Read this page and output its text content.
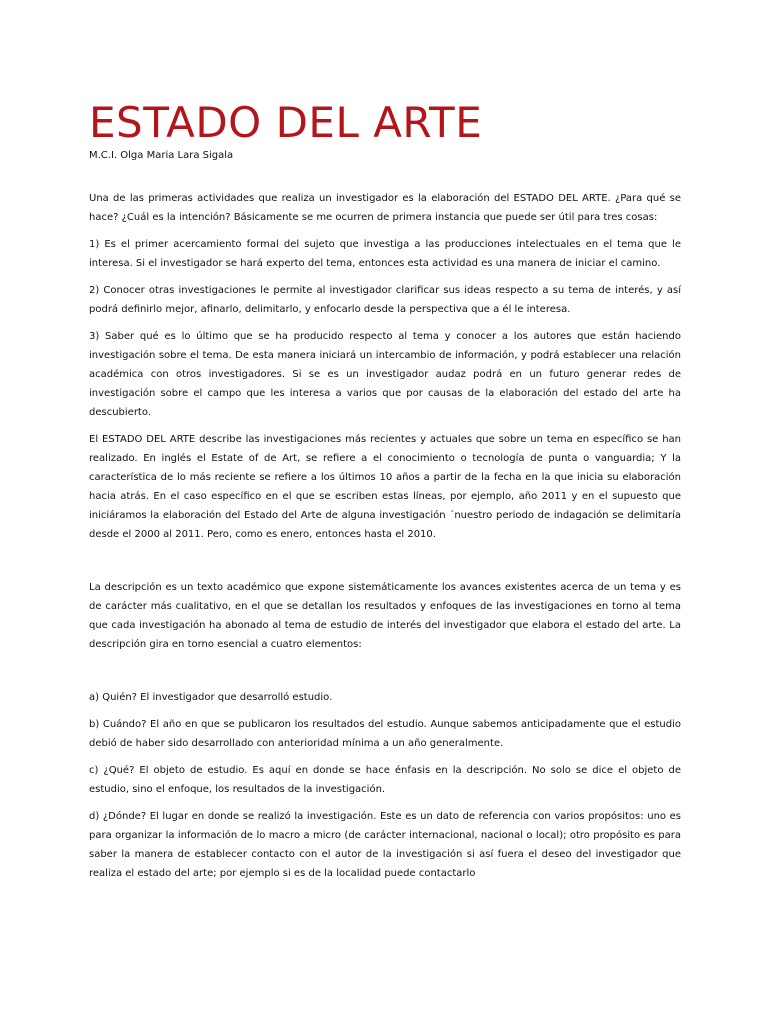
ESTADO DEL ARTE

M.C.I. Olga Maria Lara Sigala

Una de las primeras actividades que realiza un investigador es la elaboración del ESTADO DEL ARTE. ¿Para qué se hace? ¿Cuál es la intención? Básicamente se me ocurren de primera instancia que puede ser útil para tres cosas:

1) Es el primer acercamiento formal del sujeto que investiga a las producciones intelectuales en el tema que le interesa. Si el investigador se hará experto del tema, entonces esta actividad es una manera de iniciar el camino.

2) Conocer otras investigaciones le permite al investigador clarificar sus ideas respecto a su tema de interés, y así podrá definirlo mejor, afinarlo, delimitarlo, y enfocarlo desde la perspectiva que a él le interesa.

3) Saber qué es lo último que se ha producido respecto al tema y conocer a los autores que están haciendo investigación sobre el tema. De esta manera iniciará un intercambio de información, y podrá establecer una relación académica con otros investigadores. Si se es un investigador audaz podrá en un futuro generar redes de investigación sobre el campo que les interesa a varios que por causas de la elaboración del estado del arte ha descubierto.

El ESTADO DEL ARTE describe las investigaciones más recientes y actuales que sobre un tema en específico se han realizado. En inglés el Estate of de Art, se refiere a el conocimiento o tecnología de punta o vanguardia; Y la característica de lo más reciente se refiere a los últimos 10 años a partir de la fecha en la que inicia su elaboración hacia atrás. En el caso específico en el que se escriben estas líneas, por ejemplo, año 2011 y en el supuesto que iniciáramos la elaboración del Estado del Arte de alguna investigación ´nuestro periodo de indagación se delimitaría desde el 2000 al 2011. Pero, como es enero, entonces hasta el 2010.

La descripción es un texto académico que expone sistemáticamente los avances existentes acerca de un tema y es de carácter más cualitativo, en el que se detallan los resultados y enfoques de las investigaciones en torno al tema que cada investigación ha abonado al tema de estudio de interés del investigador que elabora el estado del arte. La descripción gira en torno esencial a cuatro elementos:

a) Quién? El investigador que desarrolló estudio.

b) Cuándo? El año en que se publicaron los resultados del estudio. Aunque sabemos anticipadamente que el estudio debió de haber sido desarrollado con anterioridad mínima a un año generalmente.

c) ¿Qué? El objeto de estudio. Es aquí en donde se hace énfasis en la descripción. No solo se dice el objeto de estudio, sino el enfoque, los resultados de la investigación.

d) ¿Dónde? El lugar en donde se realizó la investigación. Este es un dato de referencia con varios propósitos: uno es para organizar la información de lo macro a micro (de carácter internacional, nacional o local); otro propósito es para saber la manera de establecer contacto con el autor de la investigación si así fuera el deseo del investigador que realiza el estado del arte; por ejemplo si es de la localidad puede contactarlo
